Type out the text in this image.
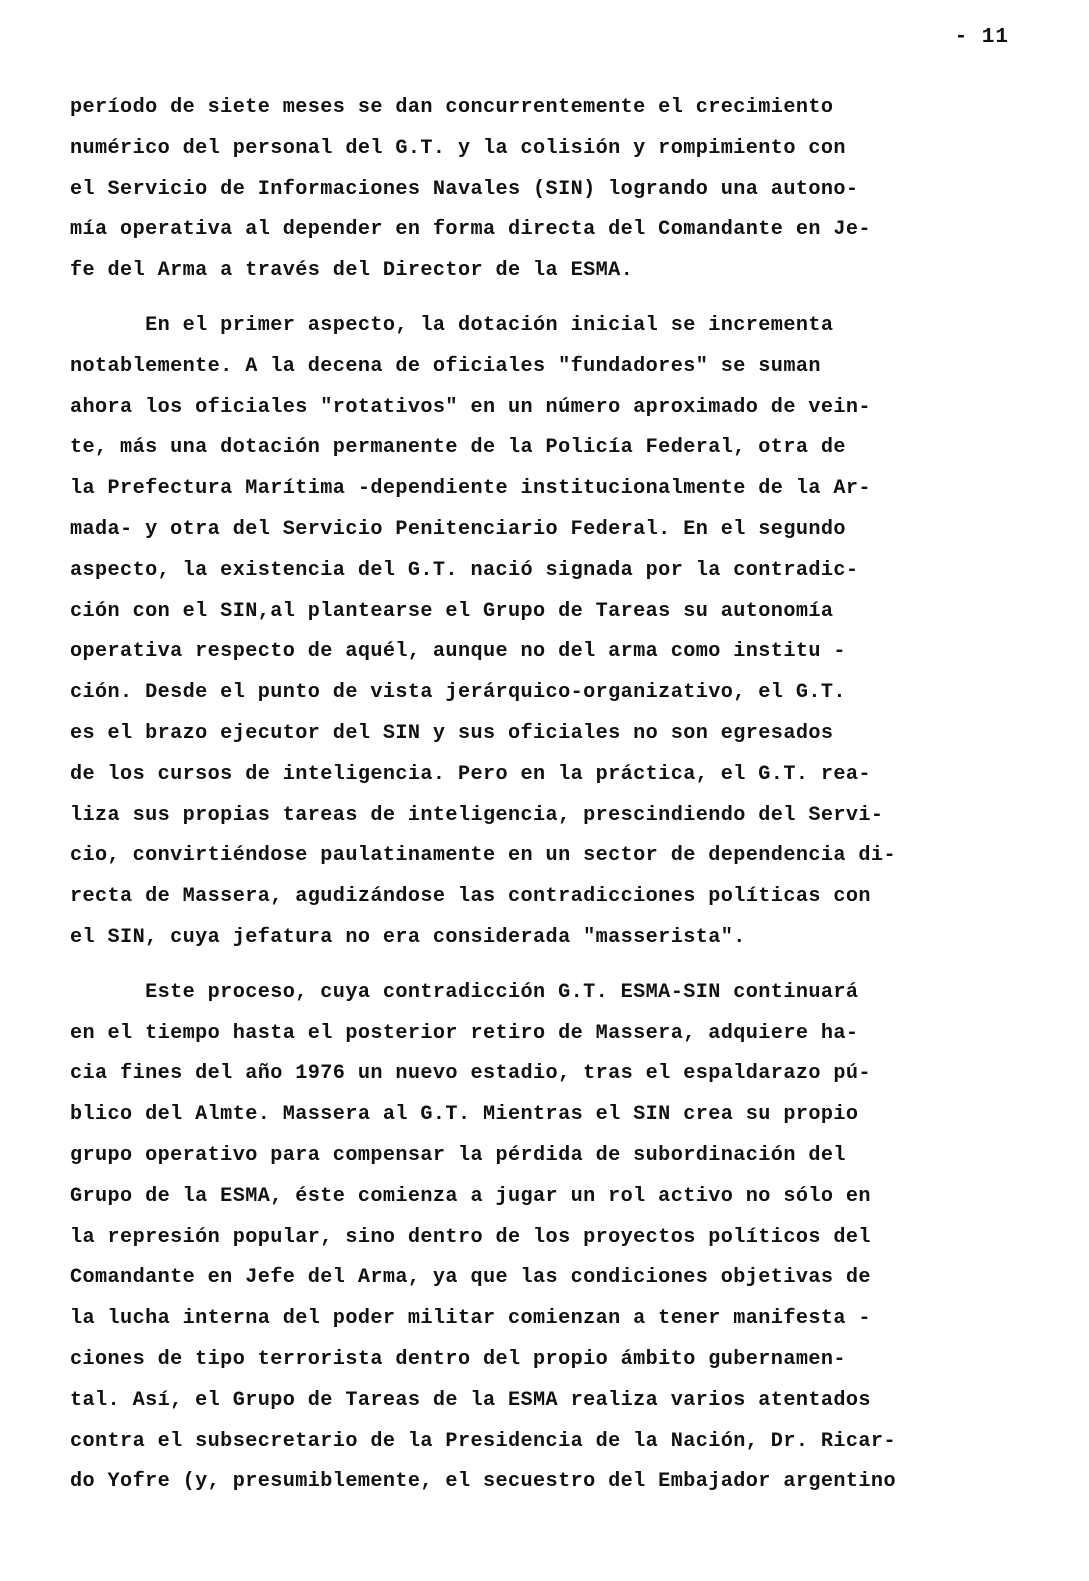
- 11
período de siete meses se dan concurrentemente el crecimiento
numérico del personal del G.T. y la colisión y rompimiento con
el Servicio de Informaciones Navales (SIN) logrando una autono-
mía operativa al depender en forma directa del Comandante en Je-
fe del Arma a través del Director de la ESMA.
En el primer aspecto, la dotación inicial se incrementa
notablemente. A la decena de oficiales "fundadores" se suman
ahora los oficiales "rotativos" en un número aproximado de vein-
te, más una dotación permanente de la Policía Federal, otra de
la Prefectura Marítima -dependiente institucionalmente de la Ar-
mada- y otra del Servicio Penitenciario Federal. En el segundo
aspecto, la existencia del G.T. nació signada por la contradic-
ción con el SIN,al plantearse el Grupo de Tareas su autonomía
operativa respecto de aquél, aunque no del arma como institu -
ción. Desde el punto de vista jerárquico-organizativo, el G.T.
es el brazo ejecutor del SIN y sus oficiales no son egresados
de los cursos de inteligencia. Pero en la práctica, el G.T. rea-
liza sus propias tareas de inteligencia, prescindiendo del Servi-
cio, convirtiéndose paulatinamente en un sector de dependencia di-
recta de Massera, agudizándose las contradicciones políticas con
el SIN, cuya jefatura no era considerada "masserista".
Este proceso, cuya contradicción G.T. ESMA-SIN continuará
en el tiempo hasta el posterior retiro de Massera, adquiere ha-
cia fines del año 1976 un nuevo estadio, tras el espaldarazo pú-
blico del Almte. Massera al G.T. Mientras el SIN crea su propio
grupo operativo para compensar la pérdida de subordinación del
Grupo de la ESMA, éste comienza a jugar un rol activo no sólo en
la represión popular, sino dentro de los proyectos políticos del
Comandante en Jefe del Arma, ya que las condiciones objetivas de
la lucha interna del poder militar comienzan a tener manifesta -
ciones de tipo terrorista dentro del propio ámbito gubernamen-
tal. Así, el Grupo de Tareas de la ESMA realiza varios atentados
contra el subsecretario de la Presidencia de la Nación, Dr. Ricar-
do Yofre (y, presumiblemente, el secuestro del Embajador argentino
